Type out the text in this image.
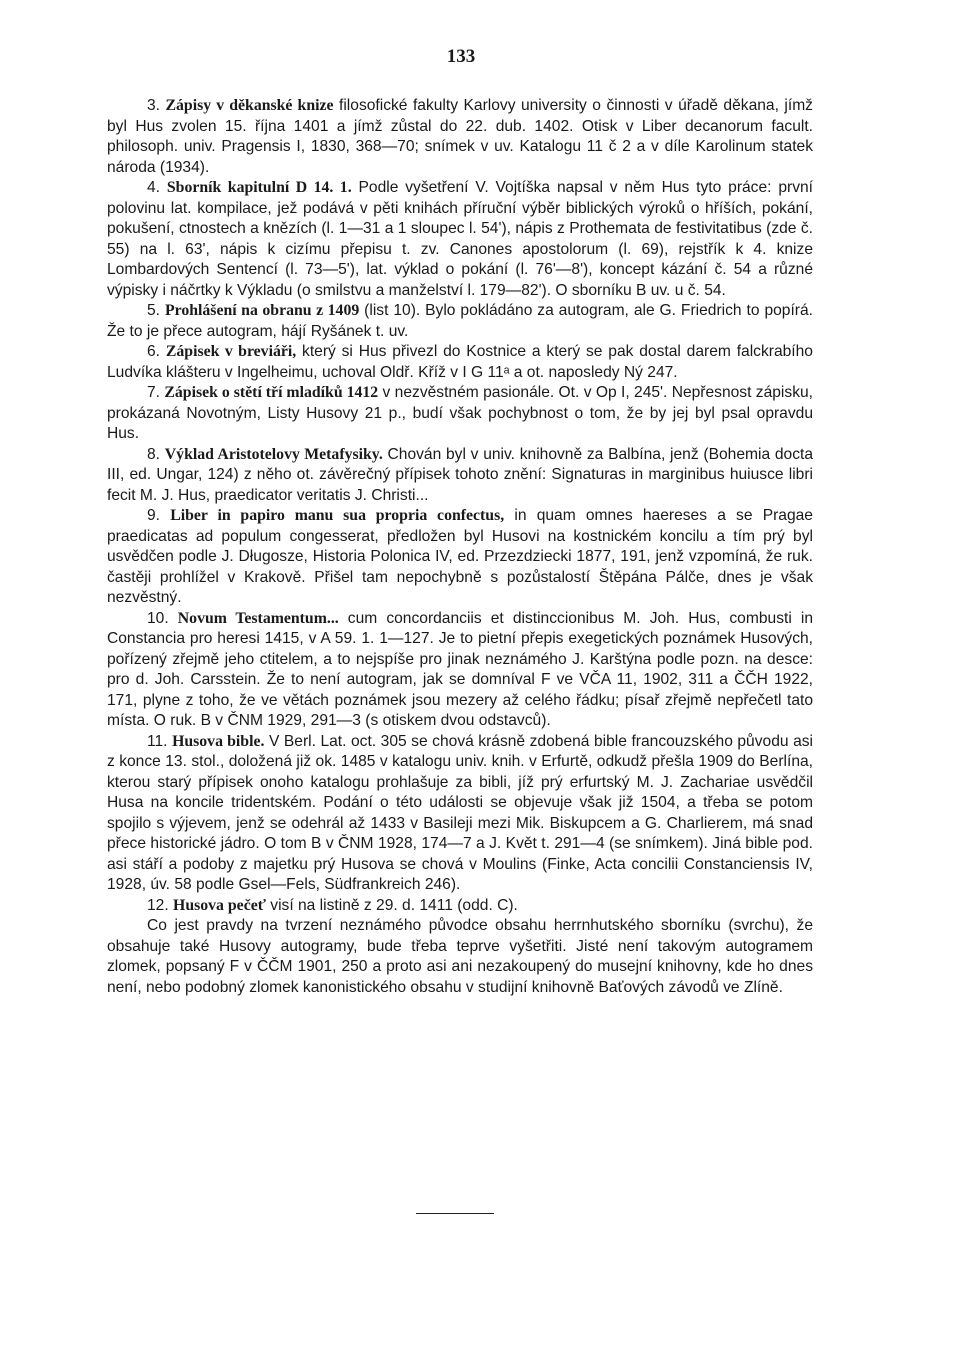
133

3. Zápisy v děkanské knize filosofické fakulty Karlovy university o činnosti v úřadě děkana, jímž byl Hus zvolen 15. října 1401 a jímž zůstal do 22. dub. 1402. Otisk v Liber decanorum facult. philosoph. univ. Pragensis I, 1830, 368—70; snímek v uv. Katalogu 11 č 2 a v díle Karolinum statek národa (1934).

4. Sborník kapitulní D 14. 1. Podle vyšetření V. Vojtíška napsal v něm Hus tyto práce: první polovinu lat. kompilace, jež podává v pěti knihách příruční výběr biblických výroků o hříších, pokání, pokušení, ctnostech a knězích (l. 1—31 a 1 sloupec l. 54'), nápis z Prothemata de festivitatibus (zde č. 55) na l. 63', nápis k cizímu přepisu t. zv. Canones apostolorum (l. 69), rejstřík k 4. knize Lombardových Sentencí (l. 73—5'), lat. výklad o pokání (l. 76'—8'), koncept kázání č. 54 a různé výpisky i náčrtky k Výkladu (o smilstvu a manželství l. 179—82'). O sborníku B uv. u č. 54.

5. Prohlášení na obranu z 1409 (list 10). Bylo pokládáno za autogram, ale G. Friedrich to popírá. Že to je přece autogram, hájí Ryšánek t. uv.

6. Zápisek v breviáři, který si Hus přivezl do Kostnice a který se pak dostal darem falckrabího Ludvíka klášteru v Ingelheimu, uchoval Oldř. Kříž v I G 11ᵃ a ot. naposledy Ný 247.

7. Zápisek o stětí tří mladíků 1412 v nezvěstném pasionále. Ot. v Op I, 245'. Nepřesnost zápisku, prokázaná Novotným, Listy Husovy 21 p., budí však pochybnost o tom, že by jej byl psal opravdu Hus.

8. Výklad Aristotelovy Metafysiky. Chován byl v univ. knihovně za Balbína, jenž (Bohemia docta III, ed. Ungar, 124) z něho ot. závěrečný přípisek tohoto znění: Signaturas in marginibus huiusce libri fecit M. J. Hus, praedicator veritatis J. Christi...

9. Liber in papiro manu sua propria confectus, in quam omnes haereses a se Pragae praedicatas ad populum congesserat, předložen byl Husovi na kostnickém koncilu a tím prý byl usvědčen podle J. Długosze, Historia Polonica IV, ed. Przezdziecki 1877, 191, jenž vzpomíná, že ruk. častěji prohlížel v Krakově. Přišel tam nepochybně s pozůstalostí Štěpána Pálče, dnes je však nezvěstný.

10. Novum Testamentum... cum concordanciis et distinccionibus M. Joh. Hus, combusti in Constancia pro heresi 1415, v A 59. 1. 1—127. Je to pietní přepis exegetických poznámek Husových, pořízený zřejmě jeho ctitelem, a to nejspíše pro jinak neznámého J. Karštýna podle pozn. na desce: pro d. Joh. Carsstein. Že to není autogram, jak se domníval F ve VČA 11, 1902, 311 a ČČH 1922, 171, plyne z toho, že ve větách poznámek jsou mezery až celého řádku; písař zřejmě nepřečetl tato místa. O ruk. B v ČNM 1929, 291—3 (s otiskem dvou odstavců).

11. Husova bible. V Berl. Lat. oct. 305 se chová krásně zdobená bible francouzského původu asi z konce 13. stol., doložená již ok. 1485 v katalogu univ. knih. v Erfurtě, odkudž přešla 1909 do Berlína, kterou starý přípisek onoho katalogu prohlašuje za bibli, jíž prý erfurtský M. J. Zachariae usvědčil Husa na koncile tridentském. Podání o této události se objevuje však již 1504, a třeba se potom spojilo s výjevem, jenž se odehrál až 1433 v Basileji mezi Mik. Biskupcem a G. Charlierem, má snad přece historické jádro. O tom B v ČNM 1928, 174—7 a J. Květ t. 291—4 (se snímkem). Jiná bible pod. asi stáří a podoby z majetku prý Husova se chová v Moulins (Finke, Acta concilii Constanciensis IV, 1928, úv. 58 podle Gsel—Fels, Südfrankreich 246).

12. Husova pečeť visí na listině z 29. d. 1411 (odd. C).

Co jest pravdy na tvrzení neznámého původce obsahu herrnhutského sborníku (svrchu), že obsahuje také Husovy autogramy, bude třeba teprve vyšetřiti. Jisté není takovým autogramem zlomek, popsaný F v ČČM 1901, 250 a proto asi ani nezakoupený do musejní knihovny, kde ho dnes není, nebo podobný zlomek kanonistického obsahu v studijní knihovně Baťových závodů ve Zlíně.
